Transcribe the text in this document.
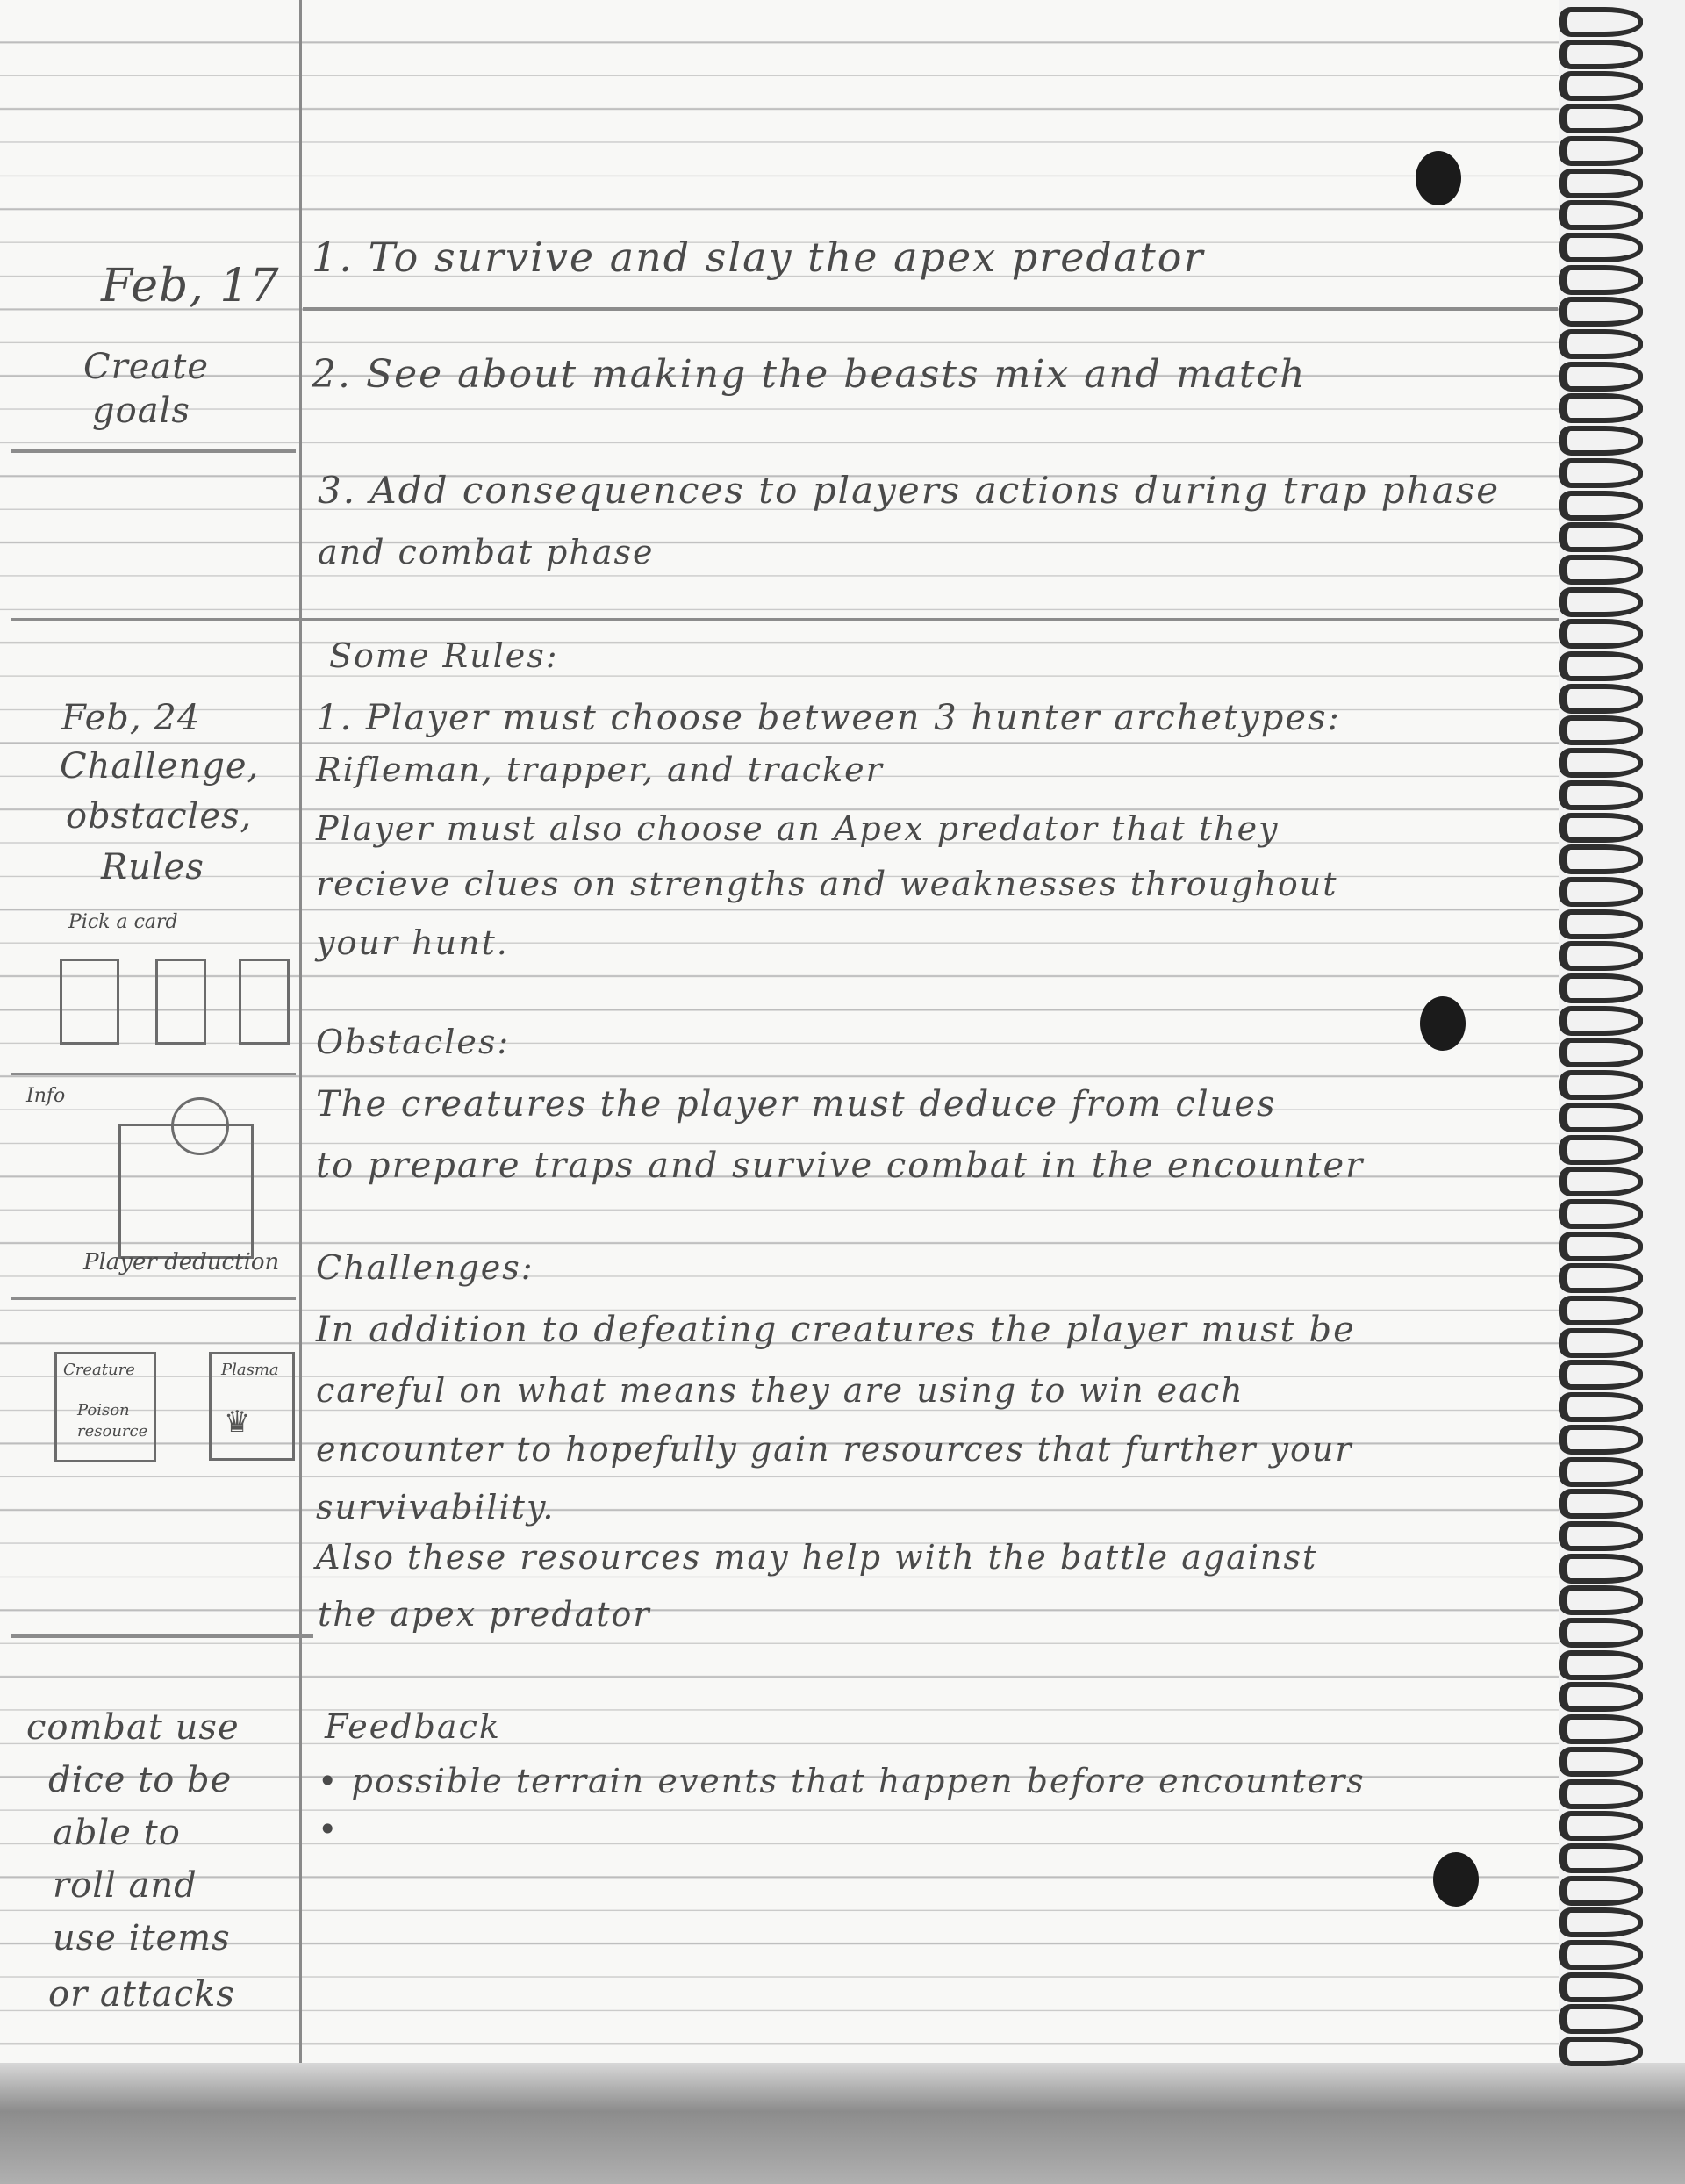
Feb, 17
Create
goals
Feb, 24
Challenge,
obstacles,
Rules
Pick a card
Info
Player deduction
Creature
Poison
resource
Plasma
♛
combat use
dice to be
able to
roll and
use items
or attacks
1. To survive and slay the apex predator
2. See about making the beasts mix and match
3. Add consequences to players actions during trap phase
and combat phase
Some Rules:
1. Player must choose between 3 hunter archetypes:
Rifleman, trapper, and tracker
Player must also choose an Apex predator that they
recieve clues on strengths and weaknesses throughout
your hunt.
Obstacles:
The creatures the player must deduce from clues
to prepare traps and survive combat in the encounter
Challenges:
In addition to defeating creatures the player must be
careful on what means they are using to win each
encounter to hopefully gain resources that further your
survivability.
Also these resources may help with the battle against
the apex predator
Feedback
• possible terrain events that happen before encounters
•
